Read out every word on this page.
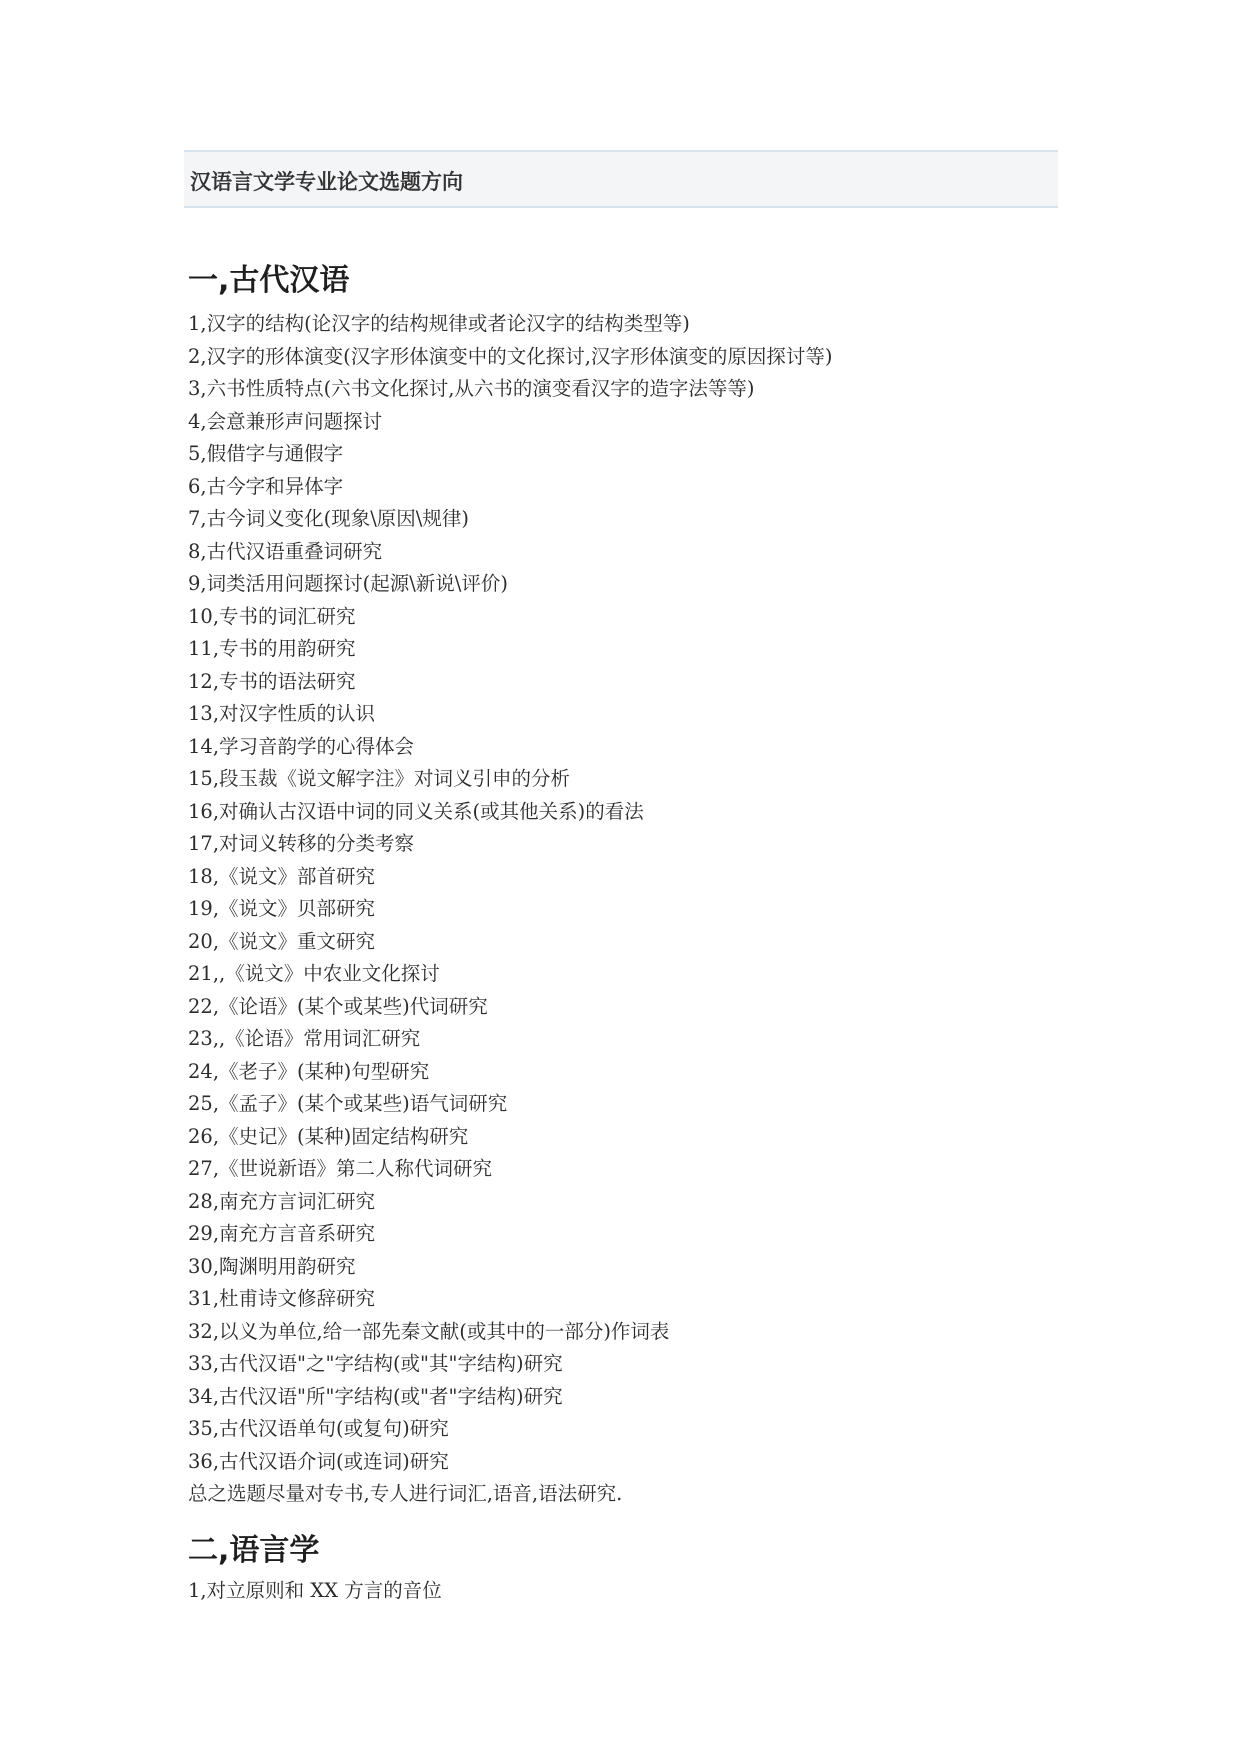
汉语言文学专业论文选题方向
一,古代汉语
1,汉字的结构(论汉字的结构规律或者论汉字的结构类型等)
2,汉字的形体演变(汉字形体演变中的文化探讨,汉字形体演变的原因探讨等)
3,六书性质特点(六书文化探讨,从六书的演变看汉字的造字法等等)
4,会意兼形声问题探讨
5,假借字与通假字
6,古今字和异体字
7,古今词义变化(现象\原因\规律)
8,古代汉语重叠词研究
9,词类活用问题探讨(起源\新说\评价)
10,专书的词汇研究
11,专书的用韵研究
12,专书的语法研究
13,对汉字性质的认识
14,学习音韵学的心得体会
15,段玉裁《说文解字注》对词义引申的分析
16,对确认古汉语中词的同义关系(或其他关系)的看法
17,对词义转移的分类考察
18,《说文》部首研究
19,《说文》贝部研究
20,《说文》重文研究
21,,《说文》中农业文化探讨
22,《论语》(某个或某些)代词研究
23,,《论语》常用词汇研究
24,《老子》(某种)句型研究
25,《孟子》(某个或某些)语气词研究
26,《史记》(某种)固定结构研究
27,《世说新语》第二人称代词研究
28,南充方言词汇研究
29,南充方言音系研究
30,陶渊明用韵研究
31,杜甫诗文修辞研究
32,以义为单位,给一部先秦文献(或其中的一部分)作词表
33,古代汉语"之"字结构(或"其"字结构)研究
34,古代汉语"所"字结构(或"者"字结构)研究
35,古代汉语单句(或复句)研究
36,古代汉语介词(或连词)研究
总之选题尽量对专书,专人进行词汇,语音,语法研究.
二,语言学
1,对立原则和 XX 方言的音位
